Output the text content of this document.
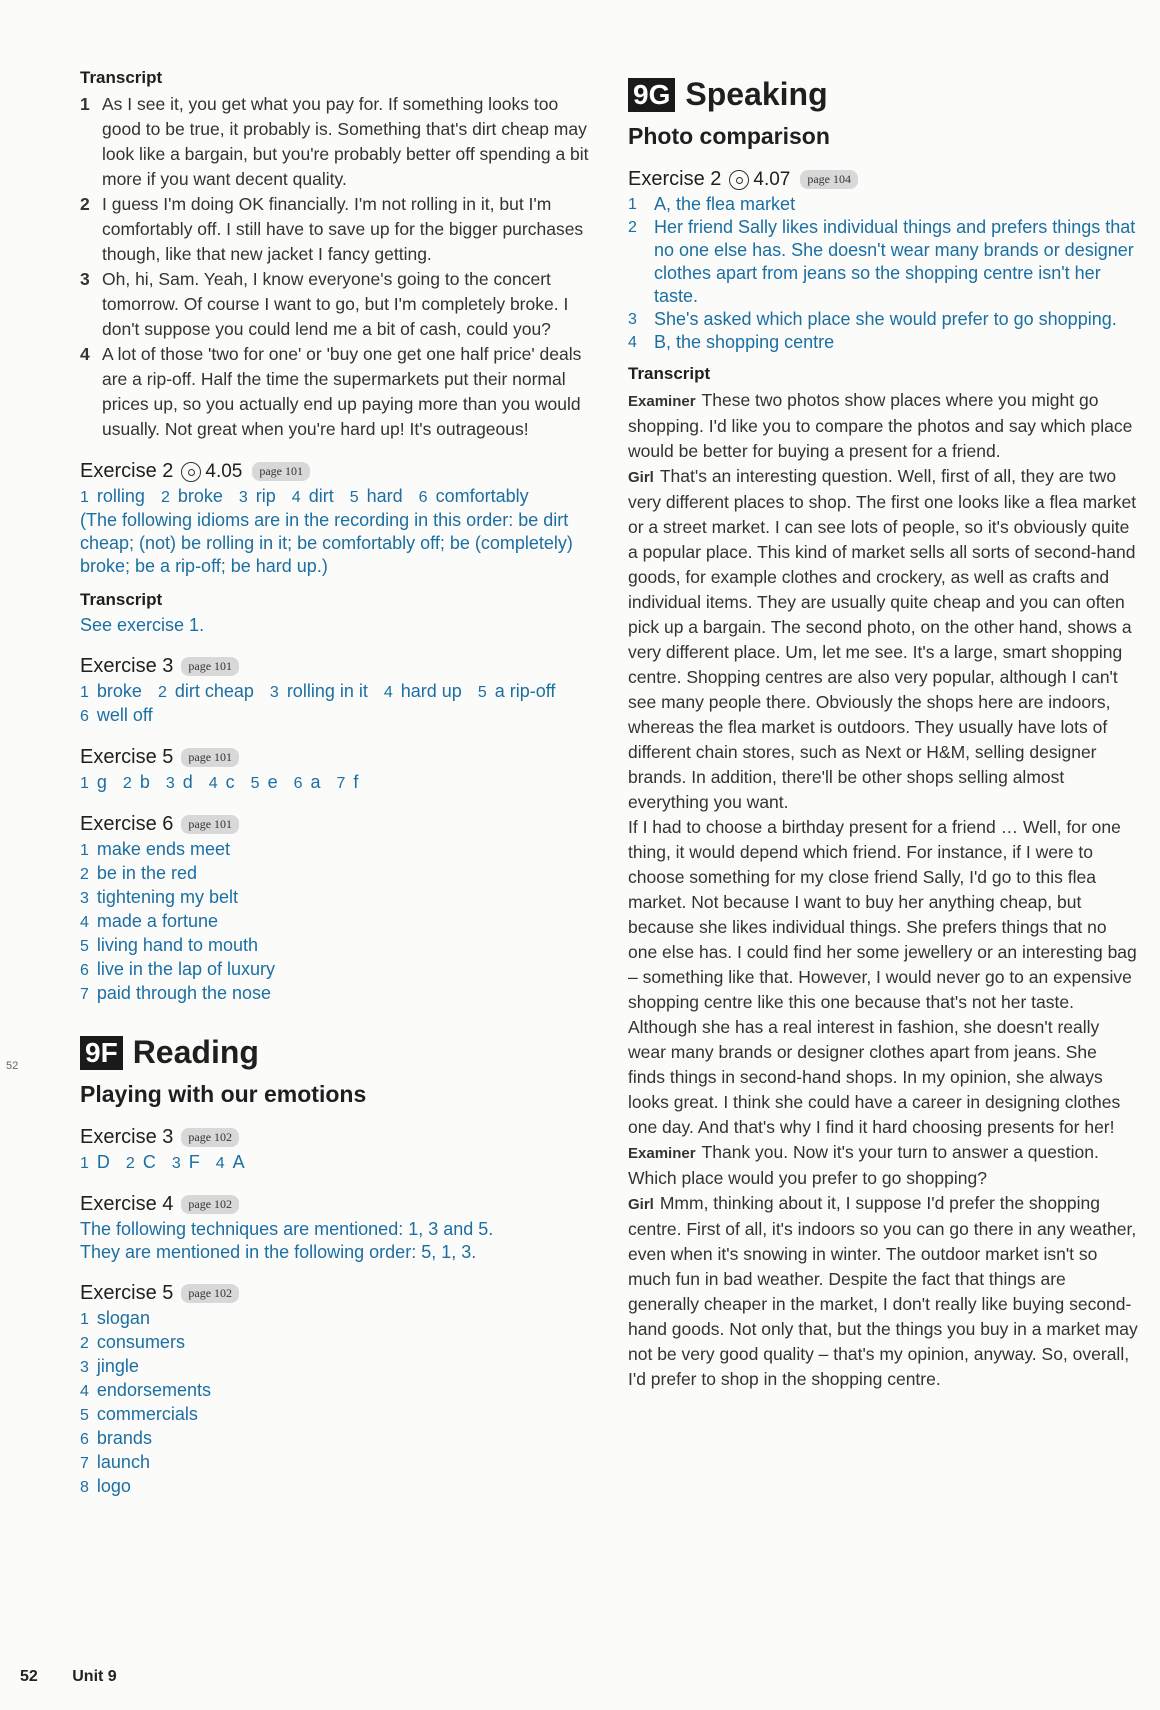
Transcript
1 As I see it, you get what you pay for. If something looks too good to be true, it probably is. Something that's dirt cheap may look like a bargain, but you're probably better off spending a bit more if you want decent quality.
2 I guess I'm doing OK financially. I'm not rolling in it, but I'm comfortably off. I still have to save up for the bigger purchases though, like that new jacket I fancy getting.
3 Oh, hi, Sam. Yeah, I know everyone's going to the concert tomorrow. Of course I want to go, but I'm completely broke. I don't suppose you could lend me a bit of cash, could you?
4 A lot of those 'two for one' or 'buy one get one half price' deals are a rip-off. Half the time the supermarkets put their normal prices up, so you actually end up paying more than you would usually. Not great when you're hard up! It's outrageous!
Exercise 2 4.05	page 101
1 rolling 2 broke 3 rip 4 dirt 5 hard 6 comfortably
(The following idioms are in the recording in this order: be dirt cheap; (not) be rolling in it; be comfortably off; be (completely) broke; be a rip-off; be hard up.)
Transcript
See exercise 1.
Exercise 3	page 101
1 broke 2 dirt cheap 3 rolling in it 4 hard up 5 a rip-off
6 well off
Exercise 5	page 101
1 g 2 b 3 d 4 c 5 e 6 a 7 f
Exercise 6	page 101
1 make ends meet
2 be in the red
3 tightening my belt
4 made a fortune
5 living hand to mouth
6 live in the lap of luxury
7 paid through the nose
9F Reading
Playing with our emotions
Exercise 3	page 102
1 D 2 C 3 F 4 A
Exercise 4	page 102
The following techniques are mentioned: 1, 3 and 5.
They are mentioned in the following order: 5, 1, 3.
Exercise 5	page 102
1 slogan
2 consumers
3 jingle
4 endorsements
5 commercials
6 brands
7 launch
8 logo
9G Speaking
Photo comparison
Exercise 2 4.07	page 104
1 A, the flea market
2 Her friend Sally likes individual things and prefers things that no one else has. She doesn't wear many brands or designer clothes apart from jeans so the shopping centre isn't her taste.
3 She's asked which place she would prefer to go shopping.
4 B, the shopping centre
Transcript

Examiner These two photos show places where you might go shopping. I'd like you to compare the photos and say which place would be better for buying a present for a friend.

Girl That's an interesting question. Well, first of all, they are two very different places to shop. The first one looks like a flea market or a street market. I can see lots of people, so it's obviously quite a popular place. This kind of market sells all sorts of second-hand goods, for example clothes and crockery, as well as crafts and individual items. They are usually quite cheap and you can often pick up a bargain. The second photo, on the other hand, shows a very different place. Um, let me see. It's a large, smart shopping centre. Shopping centres are also very popular, although I can't see many people there. Obviously the shops here are indoors, whereas the flea market is outdoors. They usually have lots of different chain stores, such as Next or H&M, selling designer brands. In addition, there'll be other shops selling almost everything you want.

If I had to choose a birthday present for a friend … Well, for one thing, it would depend which friend. For instance, if I were to choose something for my close friend Sally, I'd go to this flea market. Not because I want to buy her anything cheap, but because she likes individual things. She prefers things that no one else has. I could find her some jewellery or an interesting bag – something like that. However, I would never go to an expensive shopping centre like this one because that's not her taste. Although she has a real interest in fashion, she doesn't really wear many brands or designer clothes apart from jeans. She finds things in second-hand shops. In my opinion, she always looks great. I think she could have a career in designing clothes one day. And that's why I find it hard choosing presents for her!

Examiner Thank you. Now it's your turn to answer a question. Which place would you prefer to go shopping?

Girl Mmm, thinking about it, I suppose I'd prefer the shopping centre. First of all, it's indoors so you can go there in any weather, even when it's snowing in winter. The outdoor market isn't so much fun in bad weather. Despite the fact that things are generally cheaper in the market, I don't really like buying second-hand goods. Not only that, but the things you buy in a market may not be very good quality – that's my opinion, anyway. So, overall, I'd prefer to shop in the shopping centre.

52
52 Unit 9
